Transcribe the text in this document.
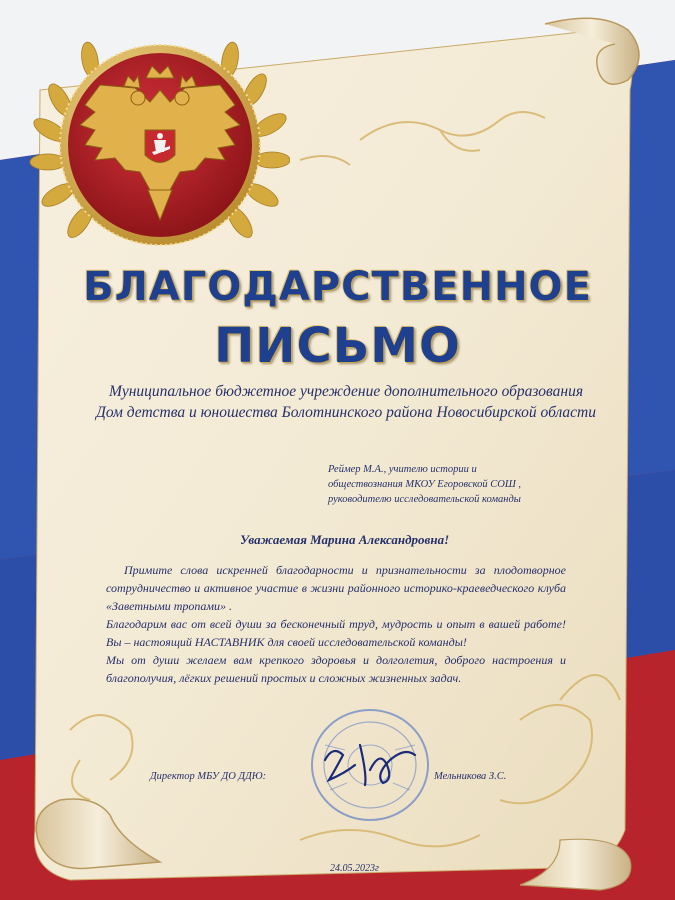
БЛАГОДАРСТВЕННОЕ
ПИСЬМО
Муниципальное бюджетное учреждение дополнительного образования
Дом детства и юношества Болотнинского района Новосибирской области
Реймер М.А., учителю истории и
обществознания МКОУ Егоровской СОШ ,
руководителю исследовательской команды
Уважаемая Марина Александровна!

Примите слова искренней благодарности и признательности за плодотворное сотрудничество и активное участие в жизни районного историко-краеведческого клуба «Заветными тропами» .

Благодарим вас от всей души за бесконечный труд, мудрость и опыт в вашей работе! Вы – настоящий НАСТАВНИК для своей исследовательской команды!

Мы от души желаем вам крепкого здоровья и долголетия, доброго настроения и благополучия, лёгких решений простых и сложных жизненных задач.

Директор МБУ ДО ДДЮ:	Мельникова З.С.
24.05.2023г
